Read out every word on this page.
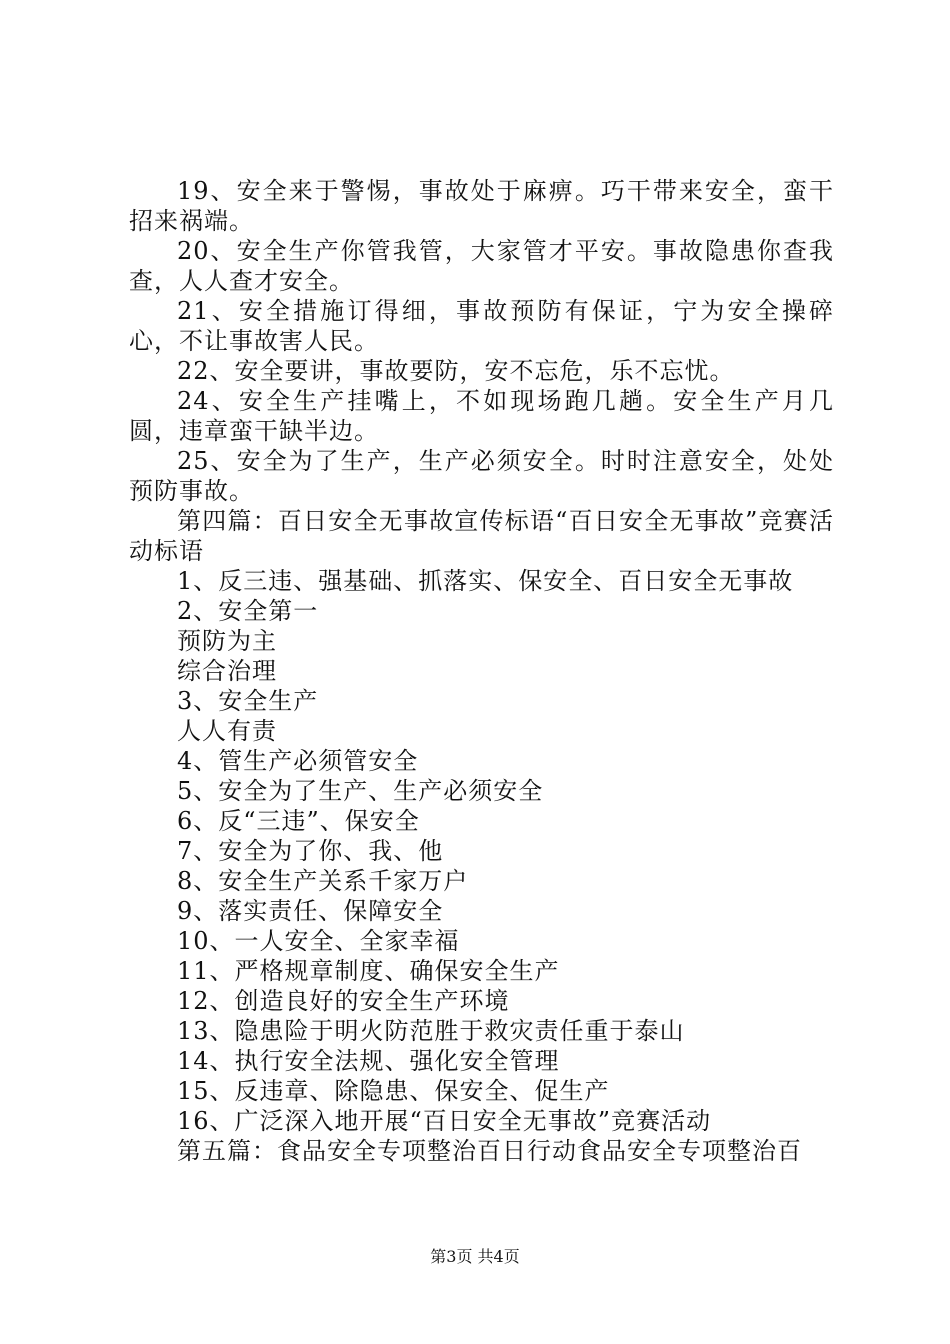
19、安全来于警惕，事故处于麻痹。巧干带来安全，蛮干招来祸端。

20、安全生产你管我管，大家管才平安。事故隐患你查我查，人人查才安全。

21、安全措施订得细，事故预防有保证，宁为安全操碎心，不让事故害人民。

22、安全要讲，事故要防，安不忘危，乐不忘忧。

24、安全生产挂嘴上，不如现场跑几趟。安全生产月几圆，违章蛮干缺半边。

25、安全为了生产，生产必须安全。时时注意安全，处处预防事故。

第四篇：百日安全无事故宣传标语“百日安全无事故”竞赛活动标语

1、反三违、强基础、抓落实、保安全、百日安全无事故

2、安全第一

预防为主

综合治理

3、安全生产

人人有责

4、管生产必须管安全

5、安全为了生产、生产必须安全

6、反“三违”、保安全

7、安全为了你、我、他

8、安全生产关系千家万户

9、落实责任、保障安全

10、一人安全、全家幸福

11、严格规章制度、确保安全生产

12、创造良好的安全生产环境

13、隐患险于明火防范胜于救灾责任重于泰山

14、执行安全法规、强化安全管理

15、反违章、除隐患、保安全、促生产

16、广泛深入地开展“百日安全无事故”竞赛活动

第五篇：食品安全专项整治百日行动食品安全专项整治百

第3页 共4页
